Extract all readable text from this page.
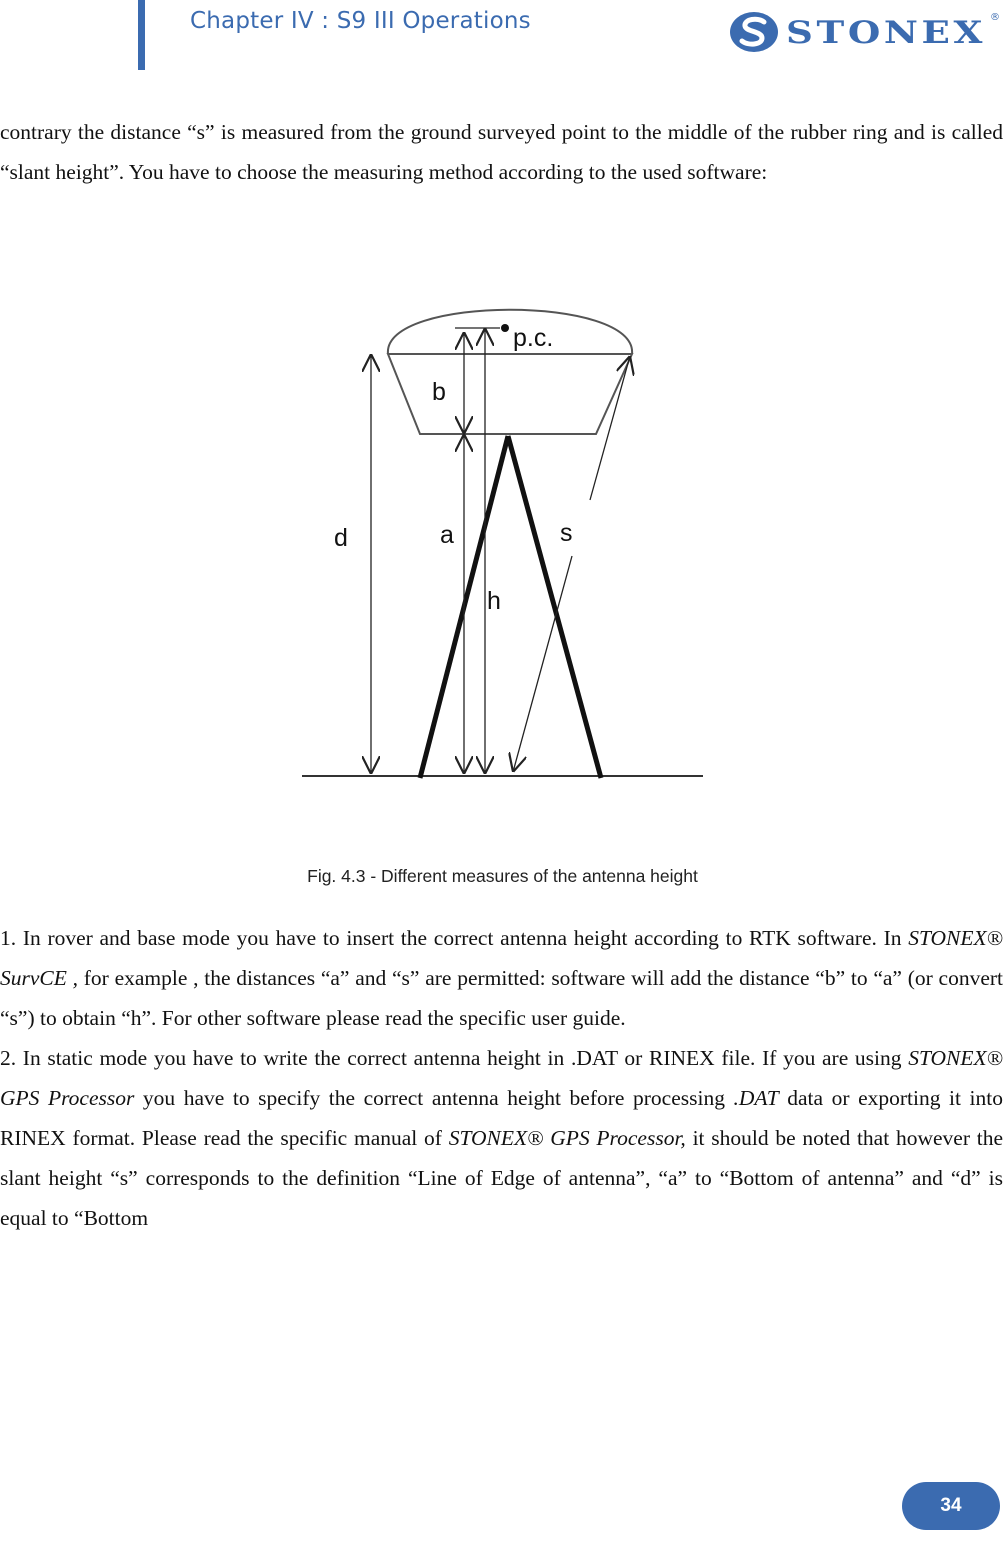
Chapter IV : S9 III Operations	STONEX ®

contrary the distance “s” is measured from the ground surveyed point to the middle of the rubber ring and is called “slant height”. You have to choose the measuring method according to the used software:

p.c.
b
d	a	s
h
Fig. 4.3 - Different measures of the antenna height

1. In rover and base mode you have to insert the correct antenna height according to RTK software. In STONEX® SurvCE , for example , the distances “a” and “s” are permitted: software will add the distance “b” to “a” (or convert “s”) to obtain “h”. For other software please read the specific user guide.

2. In static mode you have to write the correct antenna height in .DAT or RINEX file. If you are using STONEX® GPS Processor you have to specify the correct antenna height before processing .DAT data or exporting it into RINEX format. Please read the specific manual of STONEX® GPS Processor, it should be noted that however the slant height “s” corresponds to the definition “Line of Edge of antenna”, “a” to “Bottom of antenna” and “d” is equal to “Bottom

34
